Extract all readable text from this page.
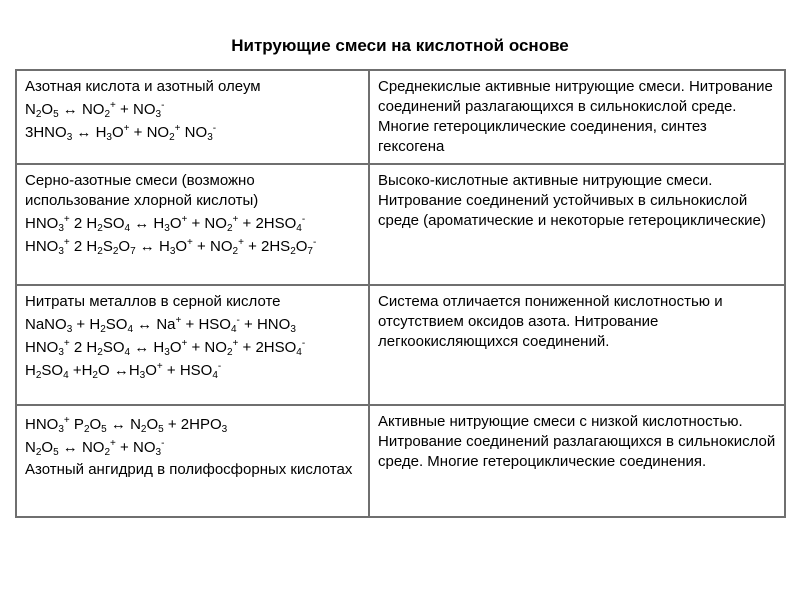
Нитрующие смеси на кислотной основе
Азотная кислота и азотный олеум
$N_2O_5$ ↔ $NO_2^+ + NO_3^-$
$3HNO_3$ ↔ $H_3O^+ + NO_2^+$ $NO_3^-$	Среднекислые активные нитрующие смеси. Нитрование соединений разлагающихся в сильнокислой среде. Многие гетероциклические соединения, синтез гексогена

Серно-азотные смеси (возможно использование хлорной кислоты)
$HNO_3^+$ 2 $H_2SO_4$ ↔ $H_3O^+ + NO_2^+ + 2HSO_4^-$
$HNO_3^+$ 2 $H_2S_2O_7$ ↔ $H_3O^+ + NO_2^+ + 2HS_2O_7^-$	Высоко-кислотные активные нитрующие смеси. Нитрование соединений устойчивых в сильнокислой среде (ароматические и некоторые гетероциклические)

Нитраты металлов в серной кислоте
NaNO$_3$ + $H_2SO_4$ ↔ $Na^+ + HSO_4^- + HNO_3$
$HNO_3^+$ 2 $H_2SO_4$ ↔ $H_3O^+ + NO_2^+ + 2HSO_4^-$
$H_2SO_4 +H_2O$ $\leftrightarrow H_3O^+ + HSO_4^-$	Система отличается пониженной кислотностью и отсутствием оксидов азота. Нитрование легкоокисляющихся соединений.

$HNO_3^+$ $P_2O_5$ ↔ $N_2O_5 + 2HPO_3$
$N_2O_5$ ↔ $NO_2^+ + NO_3^-$
Азотный ангидрид в полифосфорных кислотах	Активные нитрующие смеси с низкой кислотностью. Нитрование соединений разлагающихся в сильнокислой среде. Многие гетероциклические соединения.
